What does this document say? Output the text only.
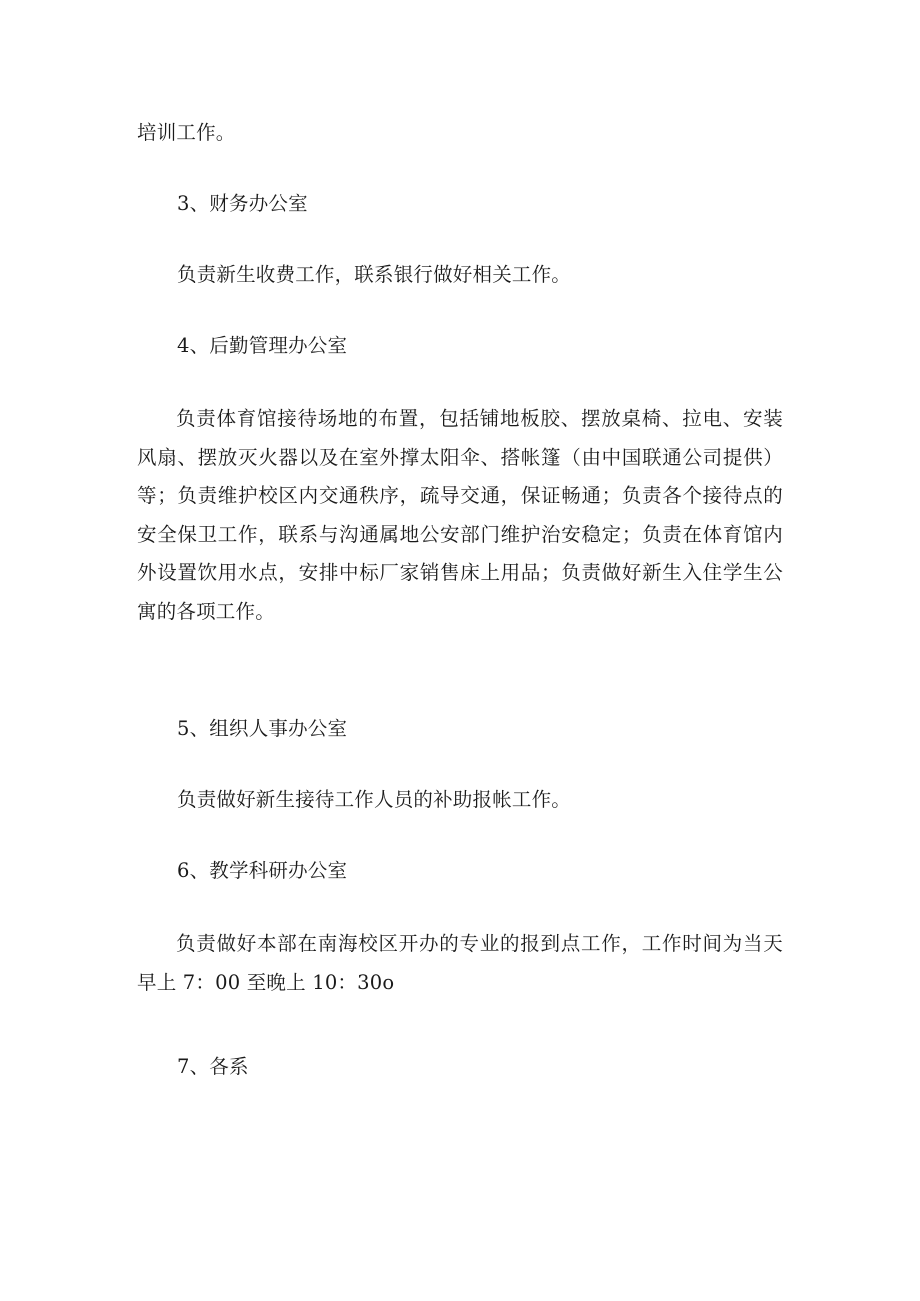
培训工作。
3、财务办公室
负责新生收费工作，联系银行做好相关工作。
4、后勤管理办公室

负责体育馆接待场地的布置，包括铺地板胶、摆放桌椅、拉电、安装风扇、摆放灭火器以及在室外撑太阳伞、搭帐篷（由中国联通公司提供）等；负责维护校区内交通秩序，疏导交通，保证畅通；负责各个接待点的安全保卫工作，联系与沟通属地公安部门维护治安稳定；负责在体育馆内外设置饮用水点，安排中标厂家销售床上用品；负责做好新生入住学生公寓的各项工作。

5、组织人事办公室
负责做好新生接待工作人员的补助报帐工作。
6、教学科研办公室

负责做好本部在南海校区开办的专业的报到点工作，工作时间为当天早上 7：00 至晚上 10：30o

7、各系
